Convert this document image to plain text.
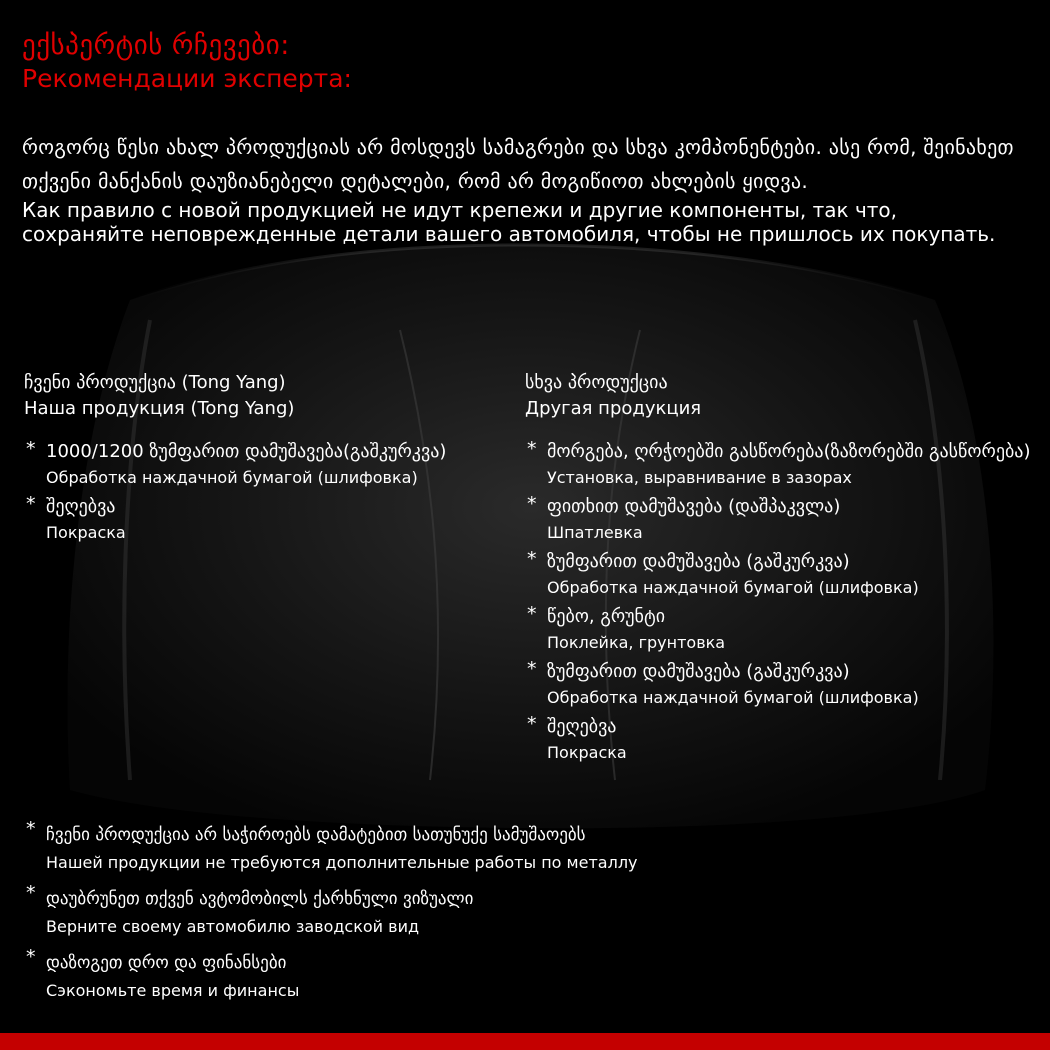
ექსპერტის რჩევები:
Рекомендации эксперта:
როგორც წესი ახალ პროდუქციას არ მოსდევს სამაგრები და სხვა კომპონენტები. ასე რომ, შეინახეთ თქვენი მანქანის დაუზიანებელი დეტალები, რომ არ მოგიწიოთ ახლების ყიდვა.
Как правило с новой продукцией не идут крепежи и другие компоненты, так что, сохраняйте неповрежденные детали вашего автомобиля, чтобы не пришлось их покупать.
ჩვენი პროდუქცია (Tong Yang)
Наша продукция (Tong Yang)
* 1000/1200 ზუმფარით დამუშავება(გაშკურკვა)
Обработка наждачной бумагой (шлифовка)
* შეღებვა
Покраска
სხვა პროდუქცია
Другая продукция
* მორგება, ღრჭოებში გასწორება(ზაზორებში გასწორება)
Установка, выравнивание в зазорах
* ფითხით დამუშავება (დაშპაკვლა)
Шпатлевка
* ზუმფარით დამუშავება (გაშკურკვა)
Обработка наждачной бумагой (шлифовка)
* წებო, გრუნტი
Поклейка, грунтовка
* ზუმფარით დამუშავება (გაშკურკვა)
Обработка наждачной бумагой (шлифовка)
* შეღებვა
Покраска
* ჩვენი პროდუქცია არ საჭიროებს დამატებით სათუნუქე სამუშაოებს
Нашей продукции не требуются дополнительные работы по металлу
* დაუბრუნეთ თქვენ ავტომობილს ქარხნული ვიზუალი
Верните своему автомобилю заводской вид
* დაზოგეთ დრო და ფინანსები
Сэкономьте время и финансы
